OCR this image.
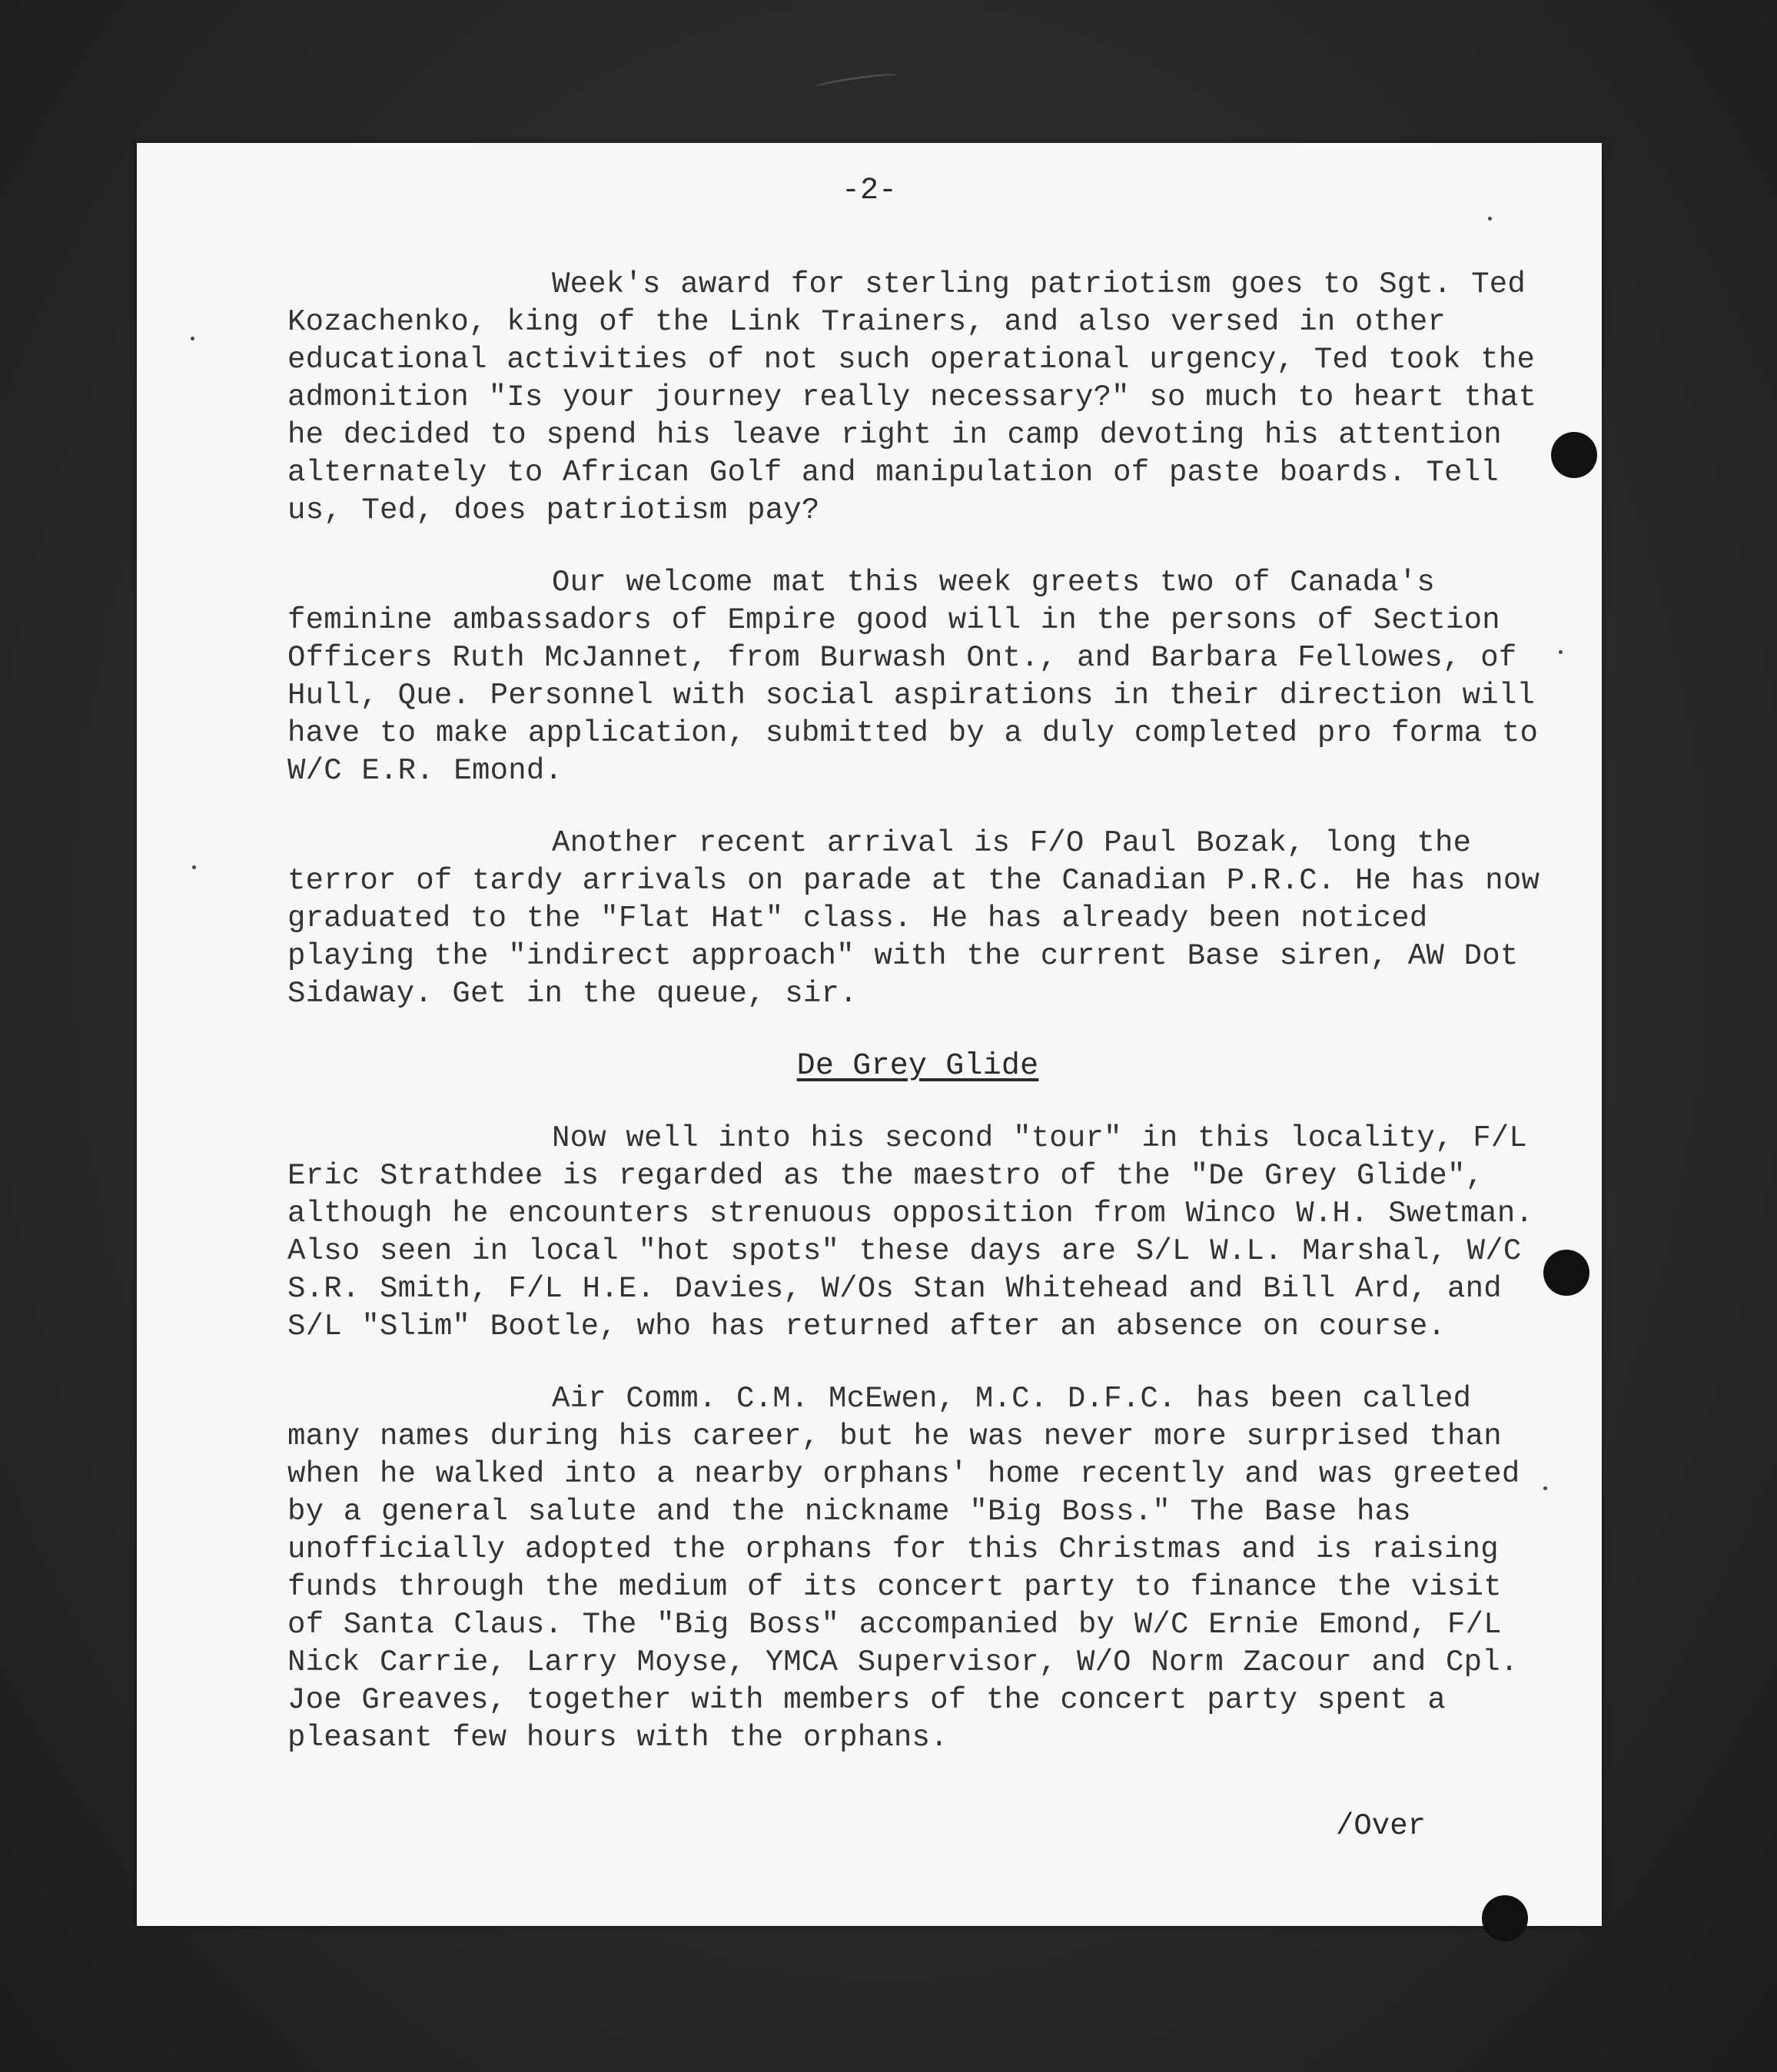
-2-

Week's award for sterling patriotism goes to Sgt. Ted Kozachenko, king of the Link Trainers, and also versed in other educational activities of not such operational urgency, Ted took the admonition "Is your journey really necessary?" so much to heart that he decided to spend his leave right in camp devoting his attention alternately to African Golf and manipulation of paste boards. Tell us, Ted, does patriotism pay?

Our welcome mat this week greets two of Canada's feminine ambassadors of Empire good will in the persons of Section Officers Ruth McJannet, from Burwash Ont., and Barbara Fellowes, of Hull, Que. Personnel with social aspirations in their direction will have to make application, submitted by a duly completed pro forma to W/C E.R. Emond.

Another recent arrival is F/O Paul Bozak, long the terror of tardy arrivals on parade at the Canadian P.R.C. He has now graduated to the "Flat Hat" class. He has already been noticed playing the "indirect approach" with the current Base siren, AW Dot Sidaway. Get in the queue, sir.

De Grey Glide

Now well into his second "tour" in this locality, F/L Eric Strathdee is regarded as the maestro of the "De Grey Glide", although he encounters strenuous opposition from Winco W.H. Swetman. Also seen in local "hot spots" these days are S/L W.L. Marshal, W/C S.R. Smith, F/L H.E. Davies, W/Os Stan Whitehead and Bill Ard, and S/L "Slim" Bootle, who has returned after an absence on course.

Air Comm. C.M. McEwen, M.C. D.F.C. has been called many names during his career, but he was never more surprised than when he walked into a nearby orphans' home recently and was greeted by a general salute and the nickname "Big Boss." The Base has unofficially adopted the orphans for this Christmas and is raising funds through the medium of its concert party to finance the visit of Santa Claus. The "Big Boss" accompanied by W/C Ernie Emond, F/L Nick Carrie, Larry Moyse, YMCA Supervisor, W/O Norm Zacour and Cpl. Joe Greaves, together with members of the concert party spent a pleasant few hours with the orphans.

/Over
